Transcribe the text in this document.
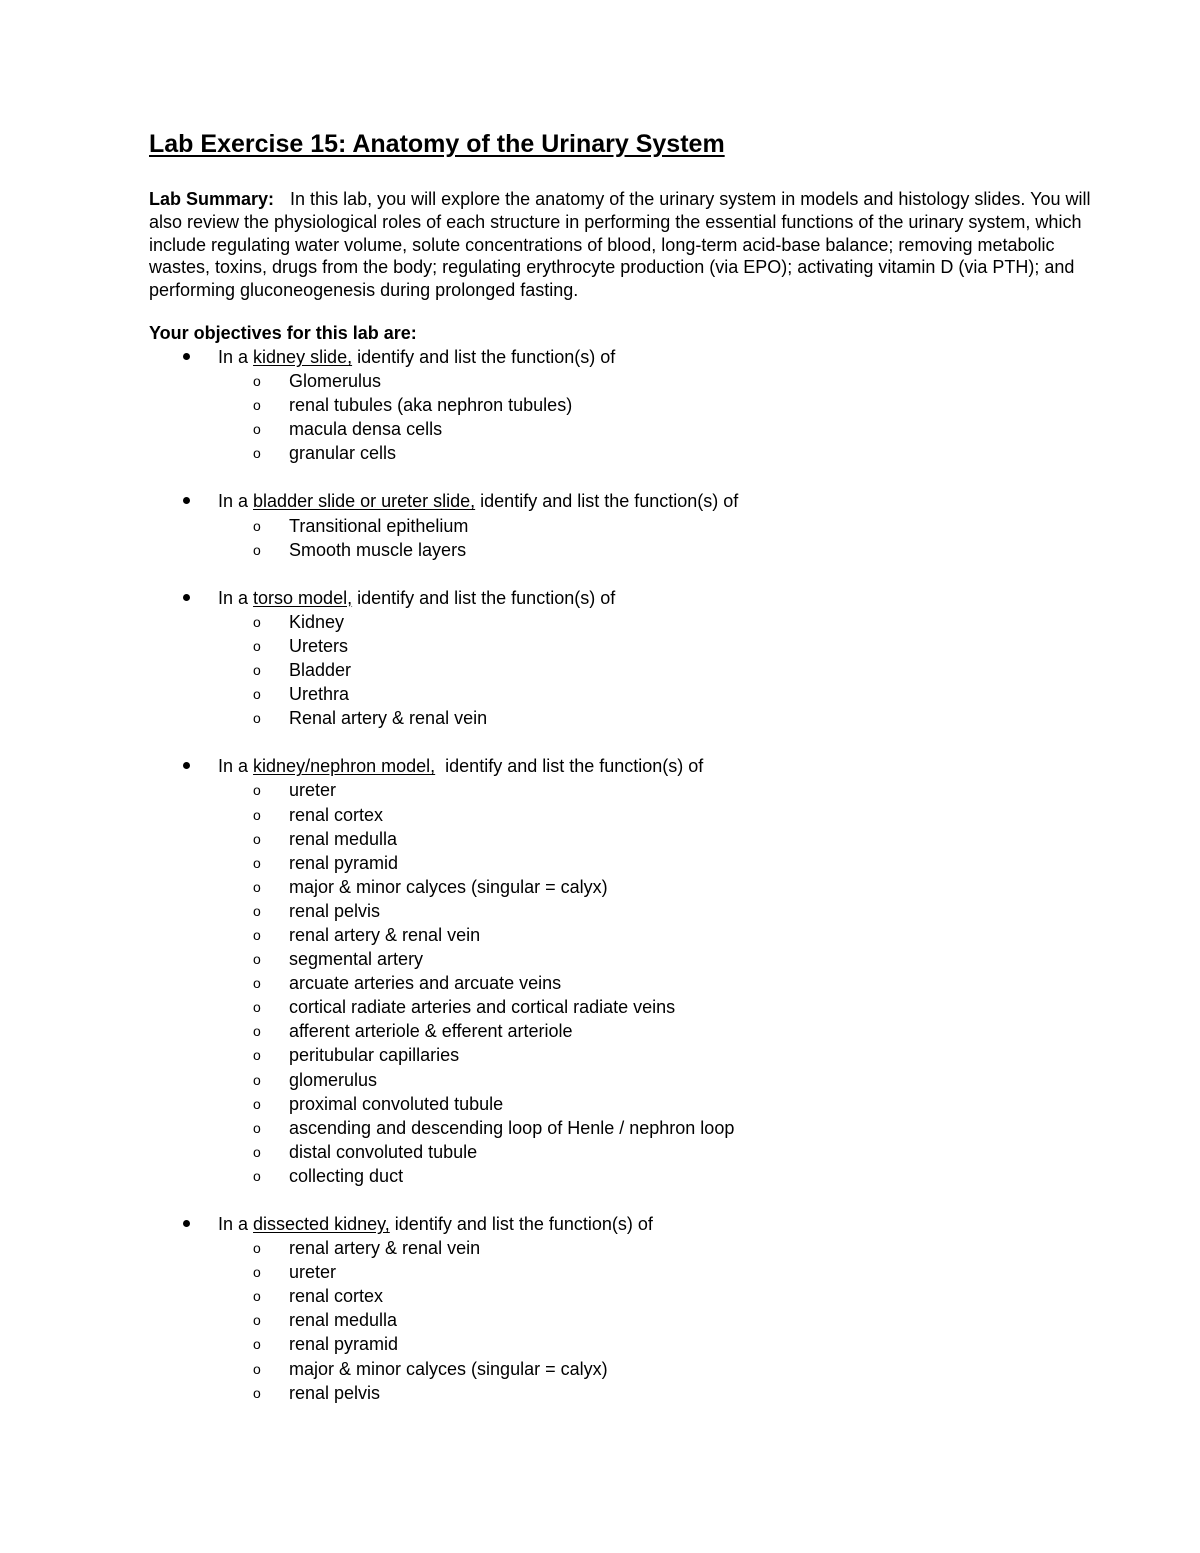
Lab Exercise 15: Anatomy of the Urinary System

Lab Summary: In this lab, you will explore the anatomy of the urinary system in models and histology slides. You will also review the physiological roles of each structure in performing the essential functions of the urinary system, which include regulating water volume, solute concentrations of blood, long-term acid-base balance; removing metabolic wastes, toxins, drugs from the body; regulating erythrocyte production (via EPO); activating vitamin D (via PTH); and performing gluconeogenesis during prolonged fasting.

Your objectives for this lab are:

In a kidney slide, identify and list the function(s) of
o Glomerulus
o renal tubules (aka nephron tubules)
o macula densa cells
o granular cells
In a bladder slide or ureter slide, identify and list the function(s) of
o Transitional epithelium
o Smooth muscle layers
In a torso model, identify and list the function(s) of
o Kidney
o Ureters
o Bladder
o Urethra
o Renal artery & renal vein
In a kidney/nephron model,  identify and list the function(s) of
o ureter
o renal cortex
o renal medulla
o renal pyramid
o major & minor calyces (singular = calyx)
o renal pelvis
o renal artery & renal vein
o segmental artery
o arcuate arteries and arcuate veins
o cortical radiate arteries and cortical radiate veins
o afferent arteriole & efferent arteriole
o peritubular capillaries
o glomerulus
o proximal convoluted tubule
o ascending and descending loop of Henle / nephron loop
o distal convoluted tubule
o collecting duct
In a dissected kidney, identify and list the function(s) of
o renal artery & renal vein
o ureter
o renal cortex
o renal medulla
o renal pyramid
o major & minor calyces (singular = calyx)
o renal pelvis
